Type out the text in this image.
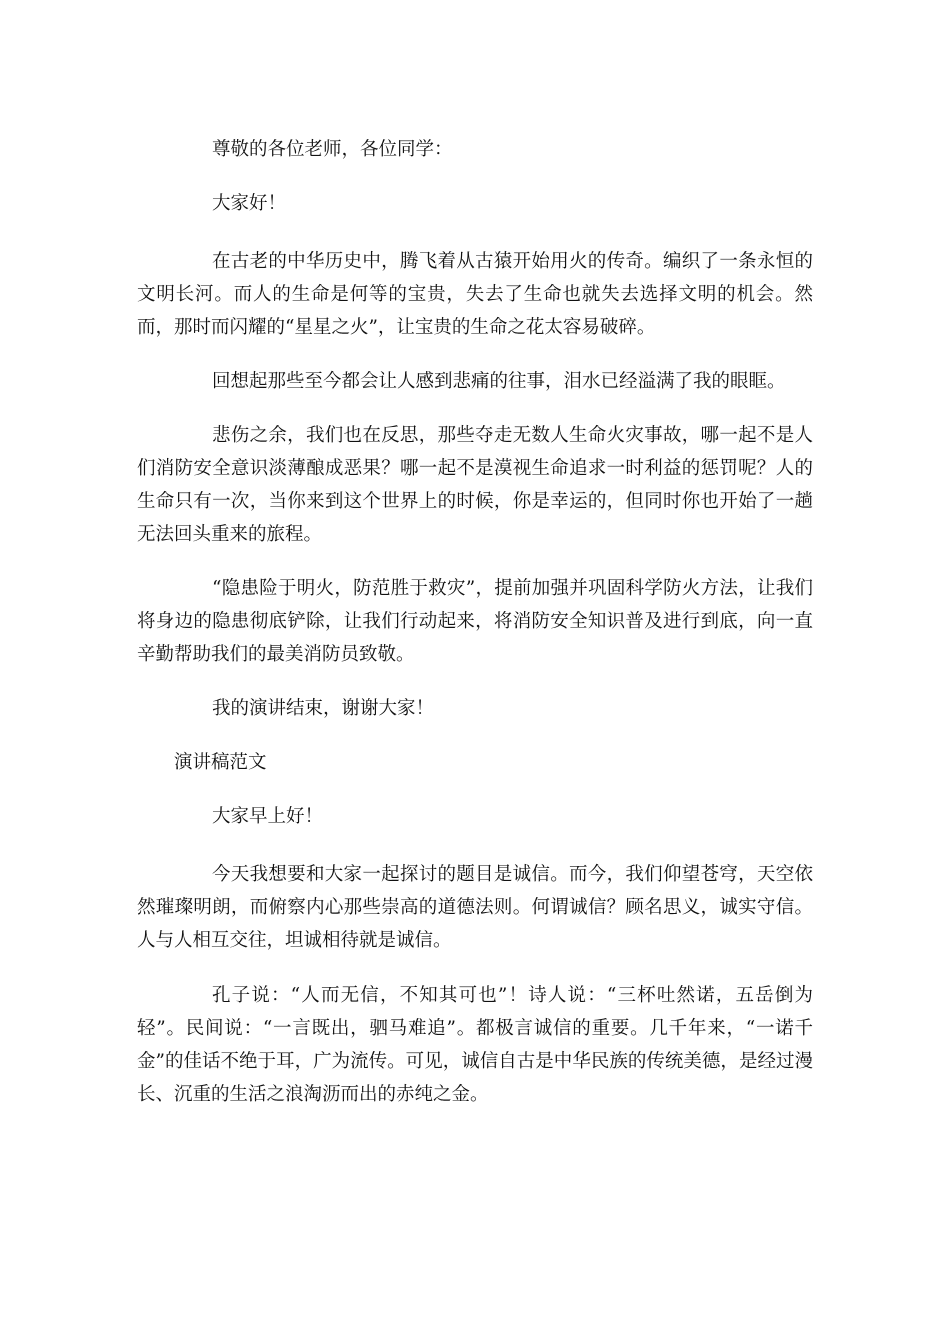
尊敬的各位老师，各位同学：
大家好！
在古老的中华历史中，腾飞着从古猿开始用火的传奇。编织了一条永恒的文明长河。而人的生命是何等的宝贵，失去了生命也就失去选择文明的机会。然而，那时而闪耀的“星星之火”，让宝贵的生命之花太容易破碎。
回想起那些至今都会让人感到悲痛的往事，泪水已经溢满了我的眼眶。
悲伤之余，我们也在反思，那些夺走无数人生命火灾事故，哪一起不是人们消防安全意识淡薄酿成恶果？哪一起不是漠视生命追求一时利益的惩罚呢？人的生命只有一次，当你来到这个世界上的时候，你是幸运的，但同时你也开始了一趟无法回头重来的旅程。
“隐患险于明火，防范胜于救灾”，提前加强并巩固科学防火方法，让我们将身边的隐患彻底铲除，让我们行动起来，将消防安全知识普及进行到底，向一直辛勤帮助我们的最美消防员致敬。
我的演讲结束，谢谢大家！
演讲稿范文
大家早上好！
今天我想要和大家一起探讨的题目是诚信。而今，我们仰望苍穹，天空依然璀璨明朗，而俯察内心那些崇高的道德法则。何谓诚信？顾名思义，诚实守信。人与人相互交往，坦诚相待就是诚信。
孔子说：“人而无信，不知其可也”！诗人说：“三杯吐然诺，五岳倒为轻”。民间说：“一言既出，驷马难追”。都极言诚信的重要。几千年来，“一诺千金”的佳话不绝于耳，广为流传。可见，诚信自古是中华民族的传统美德，是经过漫长、沉重的生活之浪淘沥而出的赤纯之金。
